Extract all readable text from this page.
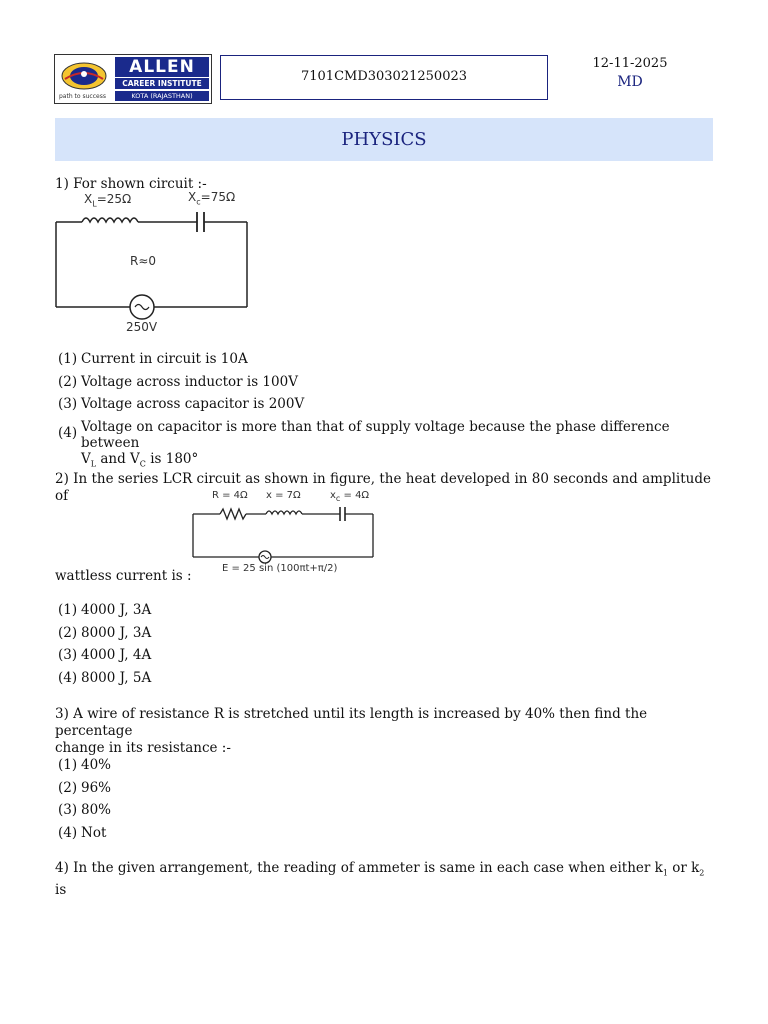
ALLEN
CAREER INSTITUTE
KOTA (RAJASTHAN)
path to success
7101CMD303021250023
12-11-2025
MD
PHYSICS
1) For shown circuit :-
$X_L=25\Omega$	$X_c=75\Omega$
R≈0
250V
(1) Current in circuit is 10A
(2) Voltage across inductor is 100V
(3) Voltage across capacitor is 200V
(4) Voltage on capacitor is more than that of supply voltage because the phase difference between
$V_L$ and $V_C$ is 180°
2) In the series LCR circuit as shown in figure, the heat developed in 80 seconds and amplitude of	R = 4Ω	x = 7Ω	$x_c = 4\Omega$
E = 25 sin (100πt+π/2)
wattless current is :
(1) 4000 J, 3A
(2) 8000 J, 3A
(3) 4000 J, 4A
(4) 8000 J, 5A
3) A wire of resistance R is stretched until its length is increased by 40% then find the percentage
change in its resistance :-
(1) 40%
(2) 96%
(3) 80%
(4) Not
4) In the given arrangement, the reading of ammeter is same in each case when either $k_1$ or $k_2$ is
